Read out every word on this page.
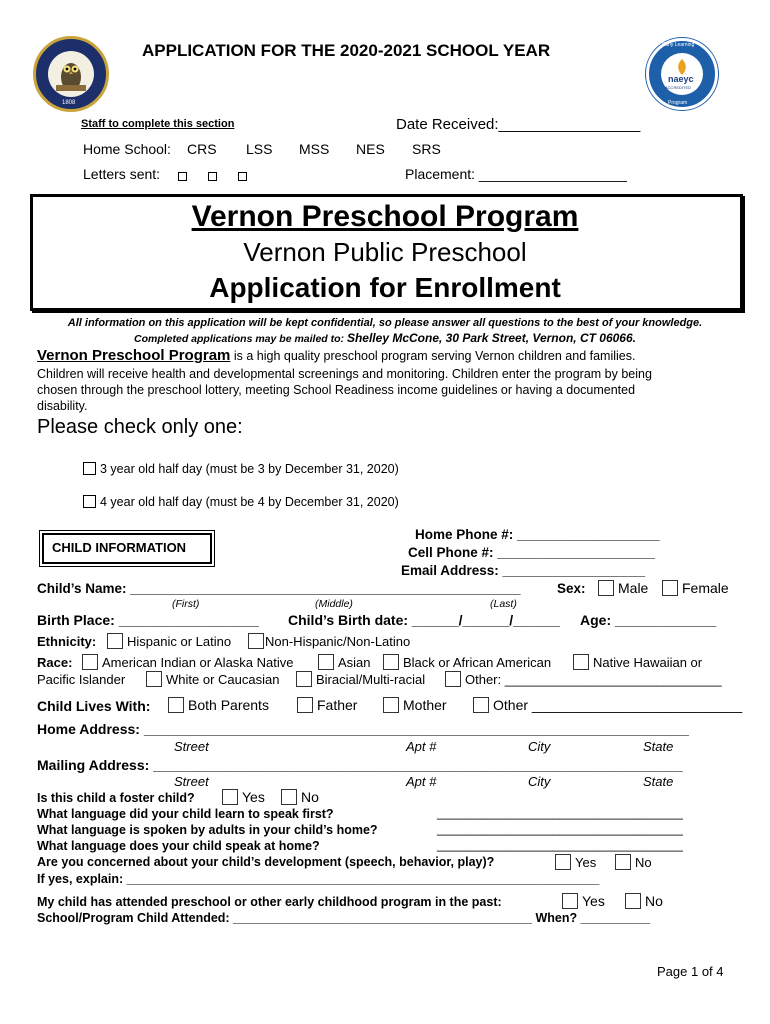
1808
naeyc
ACCREDITED
Early Learning
Program
APPLICATION FOR THE 2020-2021 SCHOOL YEAR
Staff to complete this section	Date Received:_________________
Home School: CRS LSS MSS NES SRS
Letters sent:	Placement: ___________________
Vernon Preschool Program
Vernon Public Preschool
Application for Enrollment
All information on this application will be kept confidential, so please answer all questions to the best of your knowledge.
Completed applications may be mailed to: Shelley McCone, 30 Park Street, Vernon, CT 06066.
Vernon Preschool Program is a high quality preschool program serving Vernon children and families.
Children will receive health and developmental screenings and monitoring. Children enter the program by being
chosen through the preschool lottery, meeting School Readiness income guidelines or having a documented
disability.
Please check only one:
3 year old half day (must be 3 by December 31, 2020)
4 year old half day (must be 4 by December 31, 2020)
CHILD INFORMATION
Home Phone #: ___________________
Cell Phone #: _____________________
Email Address: ___________________
Child’s Name: ____________________________________________________	Sex:	Male	Female
(First)	(Middle)	(Last)
Birth Place: __________________ Child’s Birth date: ______/______/______ Age: _____________
Ethnicity:	Hispanic or Latino	Non-Hispanic/Non-Latino
Race:	American Indian or Alaska Native	Asian	Black or African American	Native Hawaiian or
Pacific Islander	White or Caucasian	Biracial/Multi-racial	Other: ______________________________
Child Lives With:	Both Parents	Father	Mother	Other ___________________________
Home Address: ______________________________________________________________________
Street	Apt #	City	State
Mailing Address: ____________________________________________________________________
Street	Apt #	City	State
Is this child a foster child?	Yes	No
What language did your child learn to speak first?	__________________________________
What language is spoken by adults in your child’s home?	__________________________________
What language does your child speak at home?	__________________________________
Are you concerned about your child’s development (speech, behavior, play)?	Yes	No
If yes, explain: ____________________________________________________________________
My child has attended preschool or other early childhood program in the past:	Yes	No
School/Program Child Attended: ___________________________________________ When? __________
Page 1 of 4
